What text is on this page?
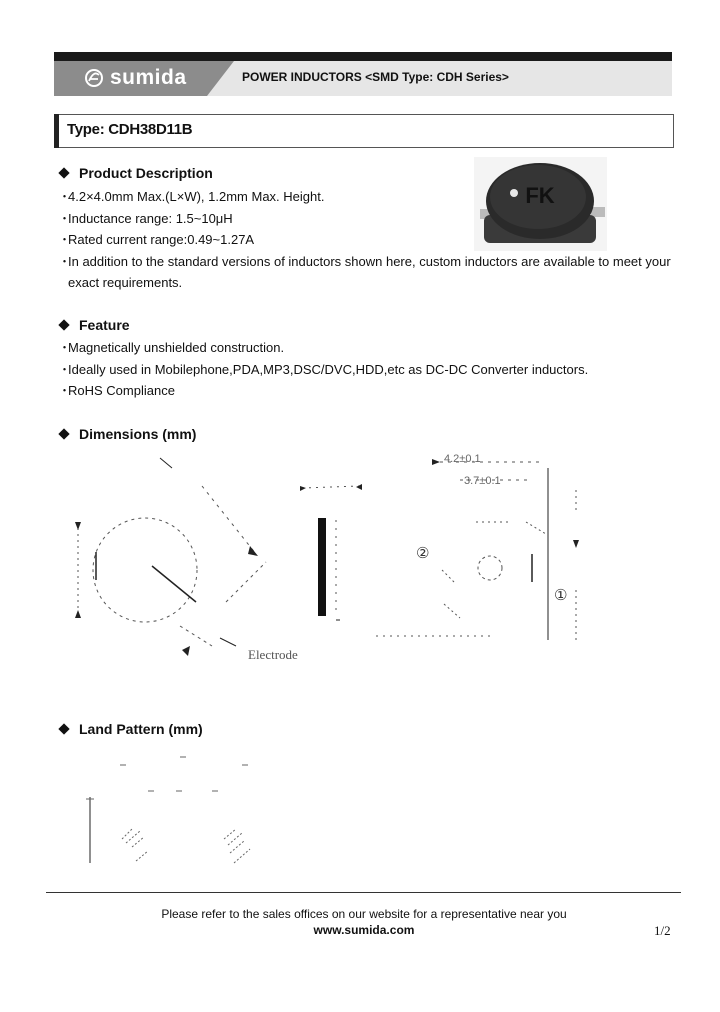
sumida	POWER INDUCTORS <SMD Type: CDH Series>
Type: CDH38D11B
Product Description
・
4.2×4.0mm Max.(L×W), 1.2mm Max. Height.
・
Inductance range: 1.5~10μH
・
Rated current range:0.49~1.27A
・
In addition to the standard versions of inductors shown here, custom inductors are available to meet your exact requirements.
FK
Feature
・
Magnetically unshielded construction.
・
Ideally used in Mobilephone,PDA,MP3,DSC/DVC,HDD,etc as DC-DC Converter inductors.
・
RoHS Compliance
Dimensions (mm)
4.2±0.1
3.7±0.1
②
①
Electrode
Land Pattern (mm)
Please refer to the sales offices on our website for a representative near you
www.sumida.com	1/2
